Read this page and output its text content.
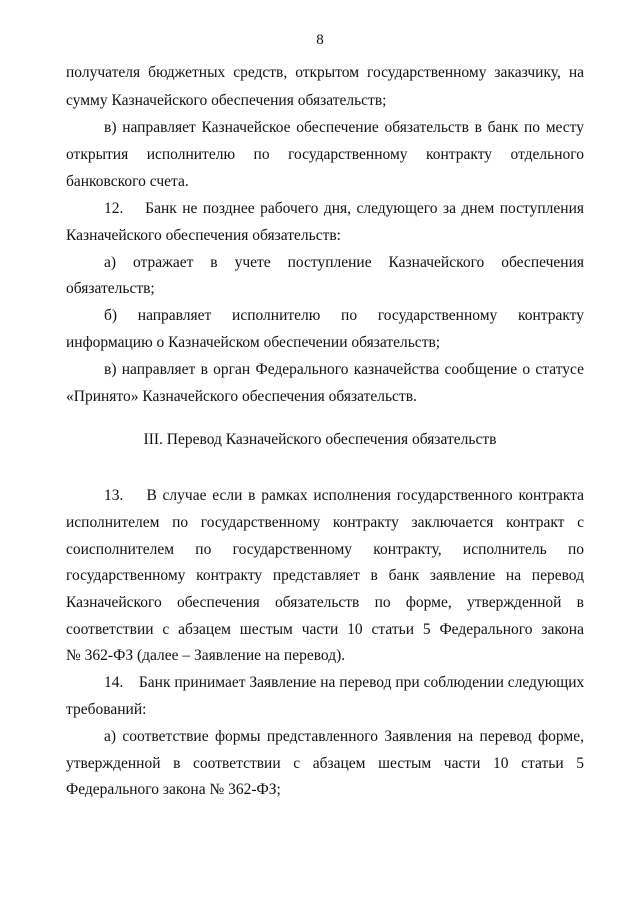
8
получателя бюджетных средств, открытом государственному заказчику, на
сумму Казначейского обеспечения обязательств;
в) направляет Казначейское обеспечение обязательств в банк по месту
открытия исполнителю по государственному контракту отдельного
банковского счета.
12.    Банк не позднее рабочего дня, следующего за днем поступления
Казначейского обеспечения обязательств:
а) отражает в учете поступление Казначейского обеспечения
обязательств;
б) направляет исполнителю по государственному контракту
информацию о Казначейском обеспечении обязательств;
в) направляет в орган Федерального казначейства сообщение о статусе
«Принято» Казначейского обеспечения обязательств.
III. Перевод Казначейского обеспечения обязательств
13.    В случае если в рамках исполнения государственного контракта
исполнителем по государственному контракту заключается контракт с
соисполнителем по государственному контракту, исполнитель по
государственному контракту представляет в банк заявление на перевод
Казначейского обеспечения обязательств по форме, утвержденной в
соответствии с абзацем шестым части 10 статьи 5 Федерального закона
№ 362-ФЗ (далее – Заявление на перевод).
14.    Банк принимает Заявление на перевод при соблюдении следующих
требований:
а) соответствие формы представленного Заявления на перевод форме,
утвержденной в соответствии с абзацем шестым части 10 статьи 5
Федерального закона № 362-ФЗ;
